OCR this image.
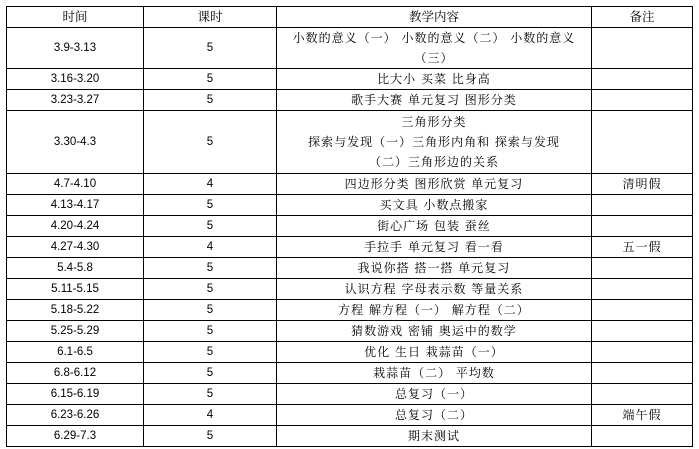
时间	课时	教学内容	备注
3.9-3.13	5	小数的意义（一） 小数的意义（二） 小数的意义
（三）	

3.16-3.20	5	比大小 买菜 比身高	

3.23-3.27	5	歌手大赛 单元复习 图形分类	

3.30-4.3	5	三角形分类
探索与发现（一）三角形内角和 探索与发现
（二）三角形边的关系	

4.7-4.10	4	四边形分类 图形欣赏 单元复习	清明假
4.13-4.17	5	买文具 小数点搬家	

4.20-4.24	5	街心广场 包装 蚕丝	

4.27-4.30	4	手拉手 单元复习 看一看	五一假
5.4-5.8	5	我说你搭 搭一搭 单元复习	

5.11-5.15	5	认识方程 字母表示数 等量关系	

5.18-5.22	5	方程 解方程（一） 解方程（二）	

5.25-5.29	5	猜数游戏 密铺 奥运中的数学	

6.1-6.5	5	优化 生日 栽蒜苗（一）	

6.8-6.12	5	栽蒜苗（二） 平均数	

6.15-6.19	5	总复习（一）	

6.23-6.26	4	总复习（二）	端午假
6.29-7.3	5	期末测试	
